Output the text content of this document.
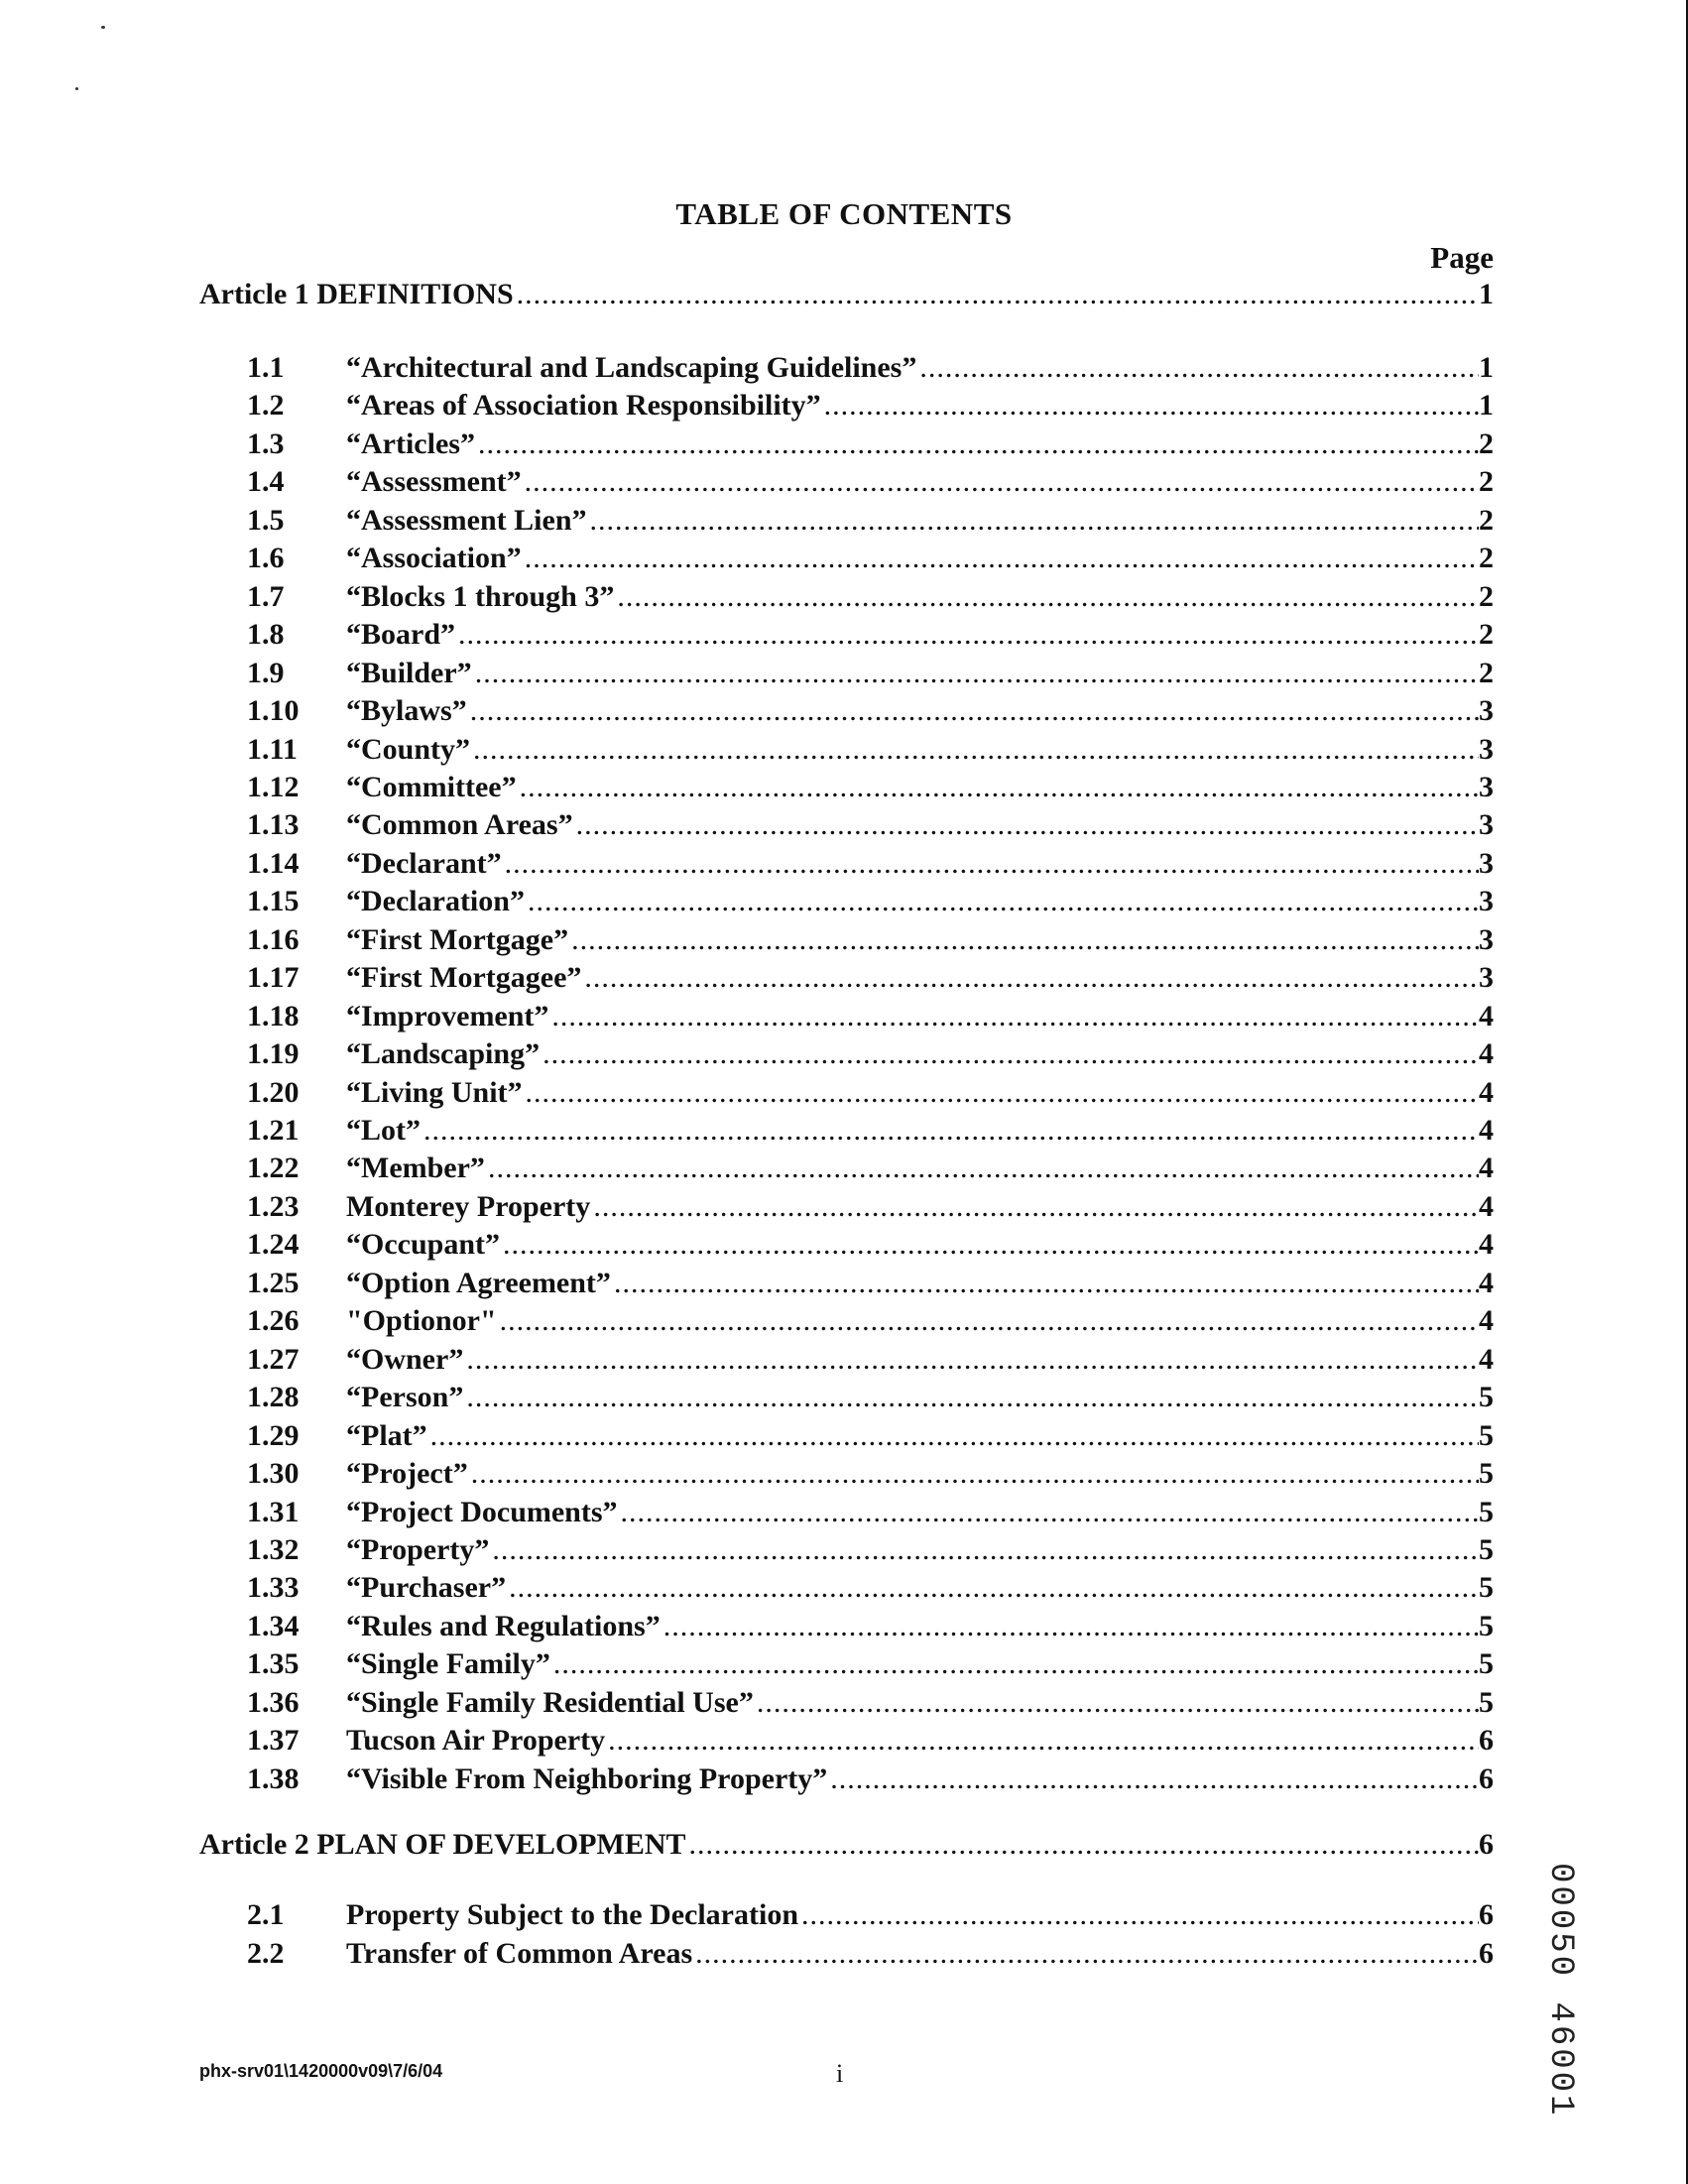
TABLE OF CONTENTS
Page
Article 1 DEFINITIONS .....	1
1.1 “Architectural and Landscaping Guidelines” .....	1
1.2 “Areas of Association Responsibility” .....	1
1.3 “Articles” .....	2
1.4 “Assessment” .....	2
1.5 “Assessment Lien” .....	2
1.6 “Association” .....	2
1.7 “Blocks 1 through 3” .....	2
1.8 “Board” .....	2
1.9 “Builder” .....	2
1.10 “Bylaws” .....	3
1.11 “County” .....	3
1.12 “Committee” .....	3
1.13 “Common Areas” .....	3
1.14 “Declarant” .....	3
1.15 “Declaration” .....	3
1.16 “First Mortgage” .....	3
1.17 “First Mortgagee” .....	3
1.18 “Improvement” .....	4
1.19 “Landscaping” .....	4
1.20 “Living Unit” .....	4
1.21 “Lot” .....	4
1.22 “Member” .....	4
1.23 Monterey Property .....	4
1.24 “Occupant” .....	4
1.25 “Option Agreement” .....	4
1.26 "Optionor" .....	4
1.27 “Owner” .....	4
1.28 “Person” .....	5
1.29 “Plat” .....	5
1.30 “Project” .....	5
1.31 “Project Documents” .....	5
1.32 “Property” .....	5
1.33 “Purchaser” .....	5
1.34 “Rules and Regulations” .....	5
1.35 “Single Family” .....	5
1.36 “Single Family Residential Use” .....	5
1.37 Tucson Air Property .....	6
1.38 “Visible From Neighboring Property” .....	6
Article 2 PLAN OF DEVELOPMENT .....	6
2.1 Property Subject to the Declaration .....	6
2.2 Transfer of Common Areas .....	6
phx-srv01\1420000v09\7/6/04	i	00050 46001
